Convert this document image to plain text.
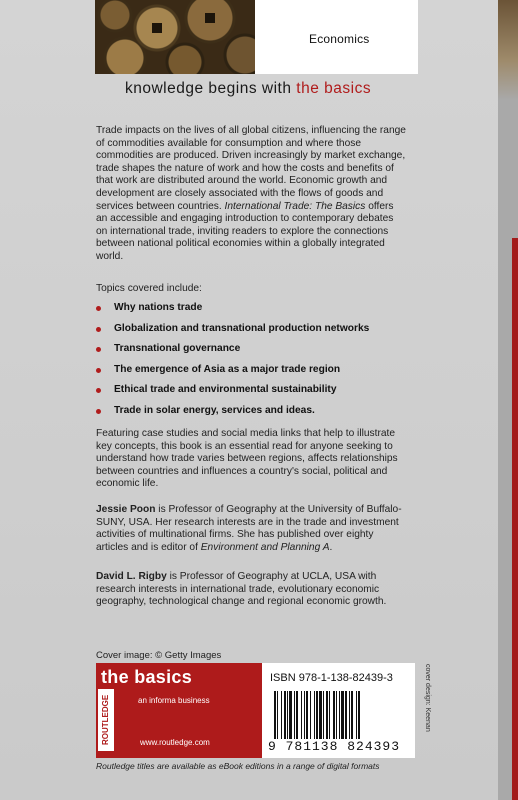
Economics
knowledge begins with the basics
Trade impacts on the lives of all global citizens, influencing the range of commodities available for consumption and where those commodities are produced. Driven increasingly by market exchange, trade shapes the nature of work and how the costs and benefits of that work are distributed around the world. Economic growth and development are closely associated with the flows of goods and services between countries. International Trade: The Basics offers an accessible and engaging introduction to contemporary debates on international trade, inviting readers to explore the connections between national political economies within a globally integrated world.
Topics covered include:
Why nations trade
Globalization and transnational production networks
Transnational governance
The emergence of Asia as a major trade region
Ethical trade and environmental sustainability
Trade in solar energy, services and ideas.
Featuring case studies and social media links that help to illustrate key concepts, this book is an essential read for anyone seeking to understand how trade varies between regions, affects relationships between countries and influences a country's social, political and economic life.
Jessie Poon is Professor of Geography at the University of Buffalo-SUNY, USA. Her research interests are in the trade and investment activities of multinational firms. She has published over eighty articles and is editor of Environment and Planning A.
David L. Rigby is Professor of Geography at UCLA, USA with research interests in international trade, evolutionary economic geography, technological change and regional economic growth.
Cover image: © Getty Images
the basics
ROUTLEDGE	an informa business
www.routledge.com
ISBN 978-1-138-82439-3
9 781138 824393
cover design: Keenan
Routledge titles are available as eBook editions in a range of digital formats
